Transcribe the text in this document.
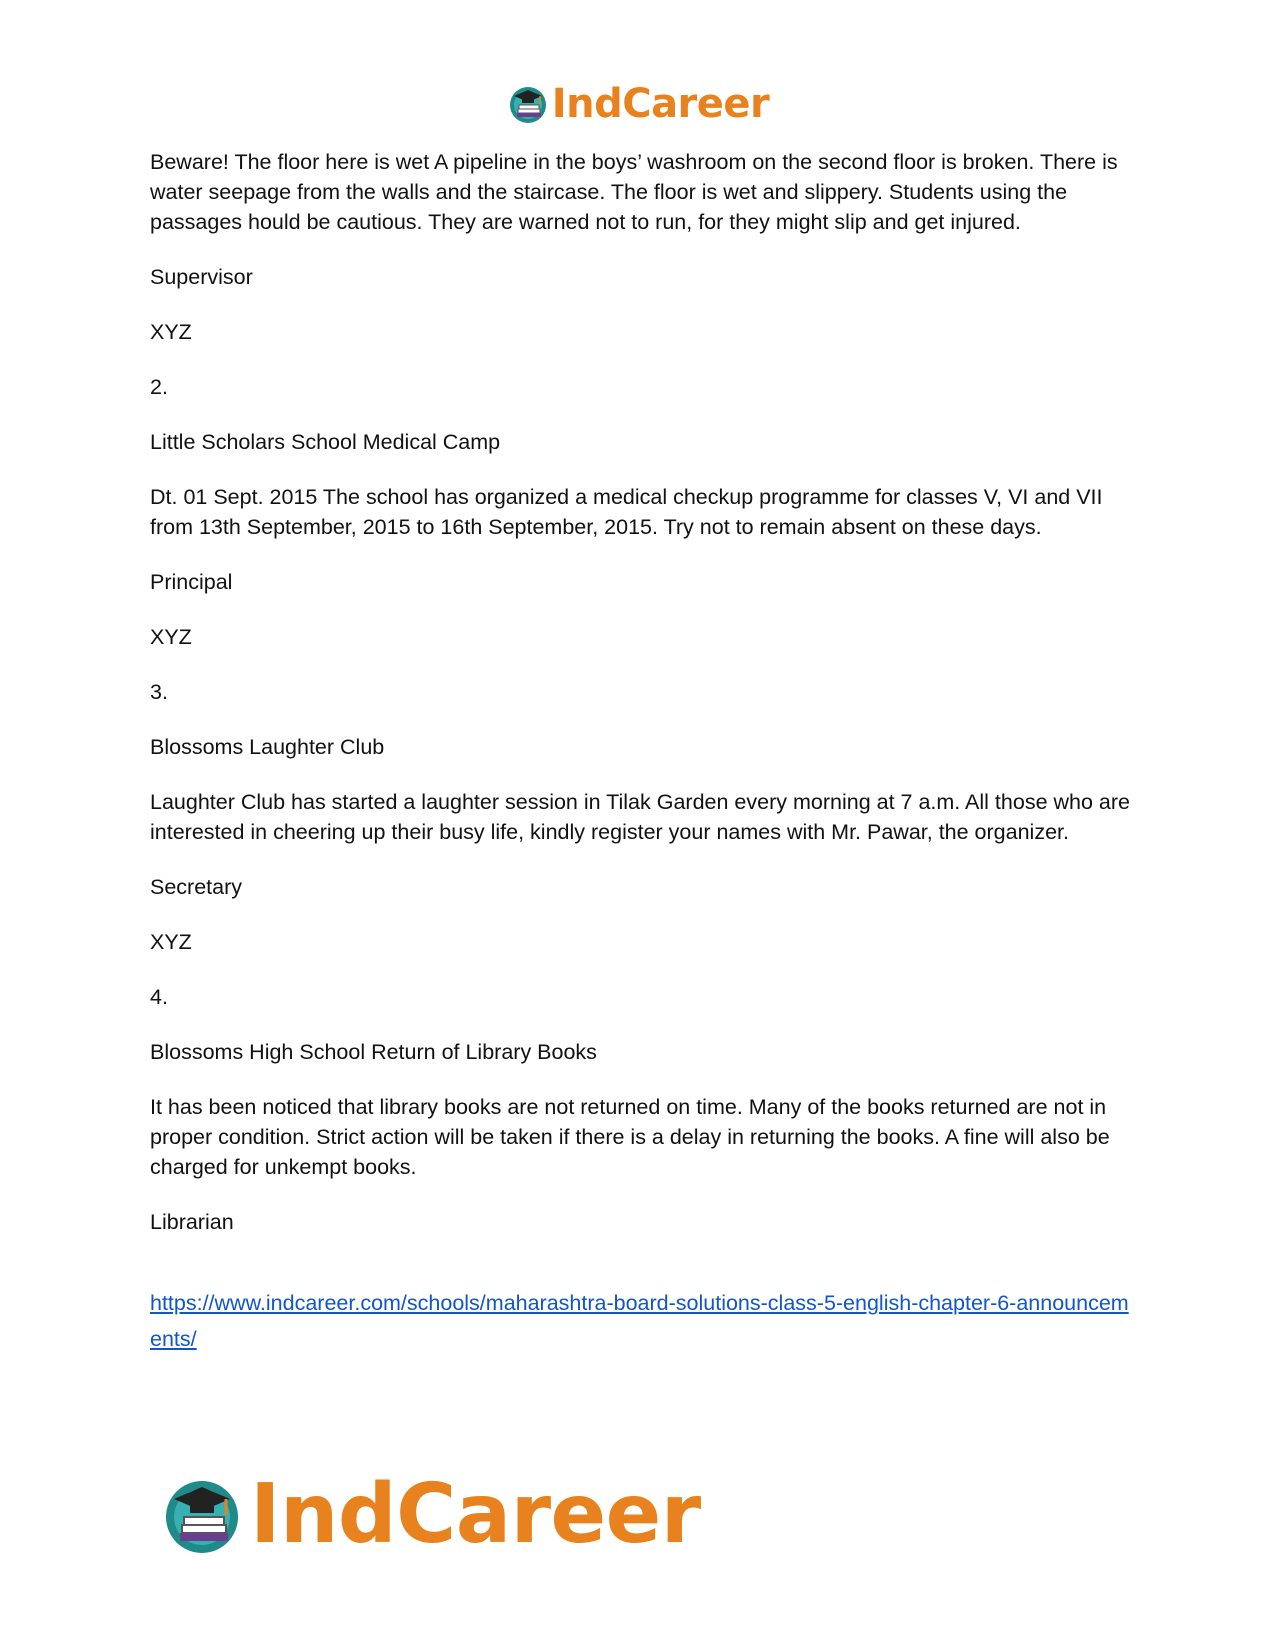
IndCareer

Beware! The floor here is wet A pipeline in the boys’ washroom on the second floor is broken. There is water seepage from the walls and the staircase. The floor is wet and slippery. Students using the passages hould be cautious. They are warned not to run, for they might slip and get injured.

Supervisor

XYZ

2.

Little Scholars School Medical Camp

Dt. 01 Sept. 2015 The school has organized a medical checkup programme for classes V, VI and VII from 13th September, 2015 to 16th September, 2015. Try not to remain absent on these days.

Principal

XYZ

3.

Blossoms Laughter Club

Laughter Club has started a laughter session in Tilak Garden every morning at 7 a.m. All those who are interested in cheering up their busy life, kindly register your names with Mr. Pawar, the organizer.

Secretary

XYZ

4.

Blossoms High School Return of Library Books

It has been noticed that library books are not returned on time. Many of the books returned are not in proper condition. Strict action will be taken if there is a delay in returning the books. A fine will also be charged for unkempt books.

Librarian

https://www.indcareer.com/schools/maharashtra-board-solutions-class-5-english-chapter-6-announcements/
IndCareer
